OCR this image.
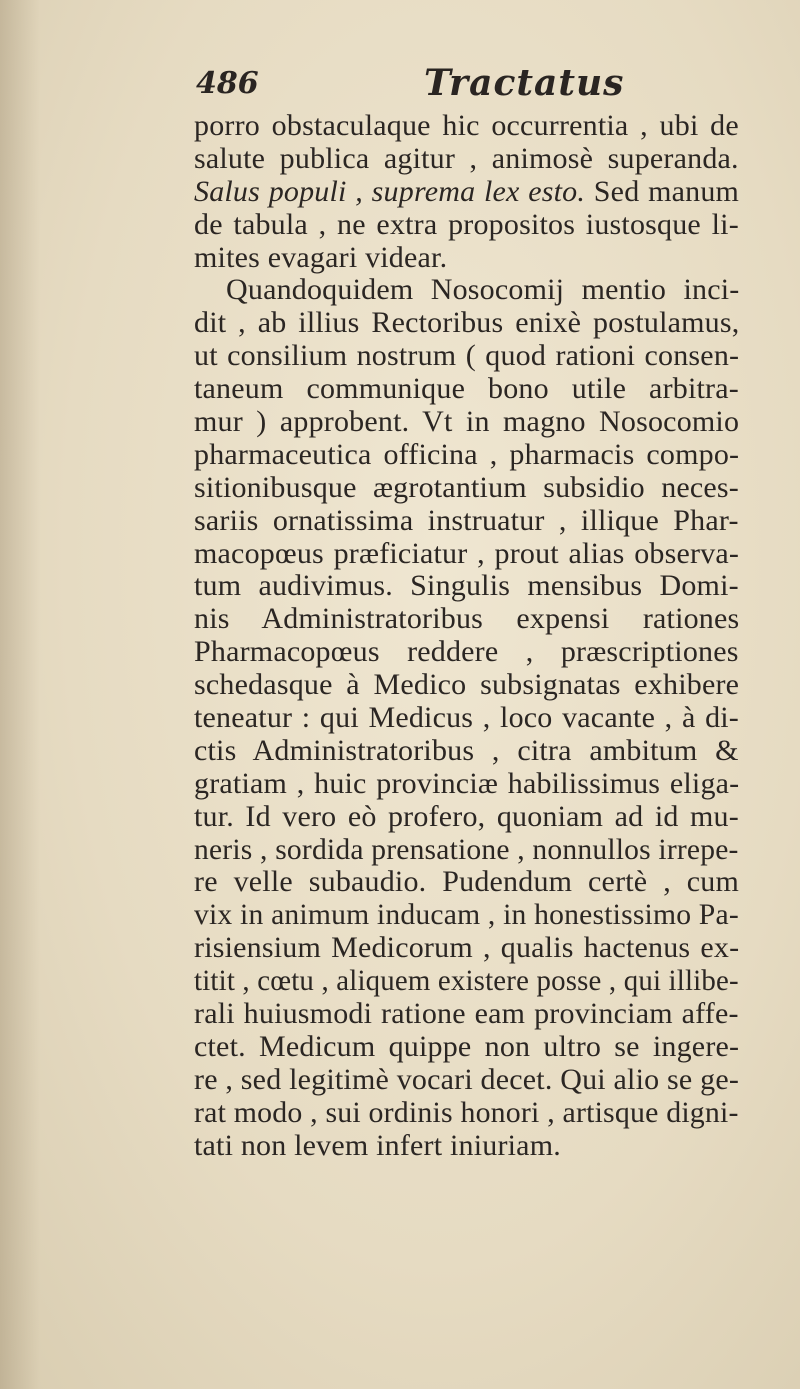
486	Tractatus
porro obstaculaque hic occurrentia , ubi de
salute publica agitur , animosè superanda.
Salus populi , suprema lex esto. Sed manum
de tabula , ne extra propositos iustosque li-
mites evagari videar.
Quandoquidem Nosocomij mentio inci-
dit , ab illius Rectoribus enixè postulamus,
ut consilium nostrum ( quod rationi consen-
taneum communique bono utile arbitra-
mur ) approbent. Vt in magno Nosocomio
pharmaceutica officina , pharmacis compo-
sitionibusque ægrotantium subsidio neces-
sariis ornatissima instruatur , illique Phar-
macopœus præficiatur , prout alias observa-
tum audivimus. Singulis mensibus Domi-
nis Administratoribus expensi rationes
Pharmacopœus reddere , præscriptiones
schedasque à Medico subsignatas exhibere
teneatur : qui Medicus , loco vacante , à di-
ctis Administratoribus , citra ambitum &
gratiam , huic provinciæ habilissimus eliga-
tur. Id vero eò profero, quoniam ad id mu-
neris , sordida prensatione , nonnullos irrepe-
re velle subaudio. Pudendum certè , cum
vix in animum inducam , in honestissimo Pa-
risiensium Medicorum , qualis hactenus ex-
titit , cœtu , aliquem existere posse , qui illibe-
rali huiusmodi ratione eam provinciam affe-
ctet. Medicum quippe non ultro se ingere-
re , sed legitimè vocari decet. Qui alio se ge-
rat modo , sui ordinis honori , artisque digni-
tati non levem infert iniuriam.
